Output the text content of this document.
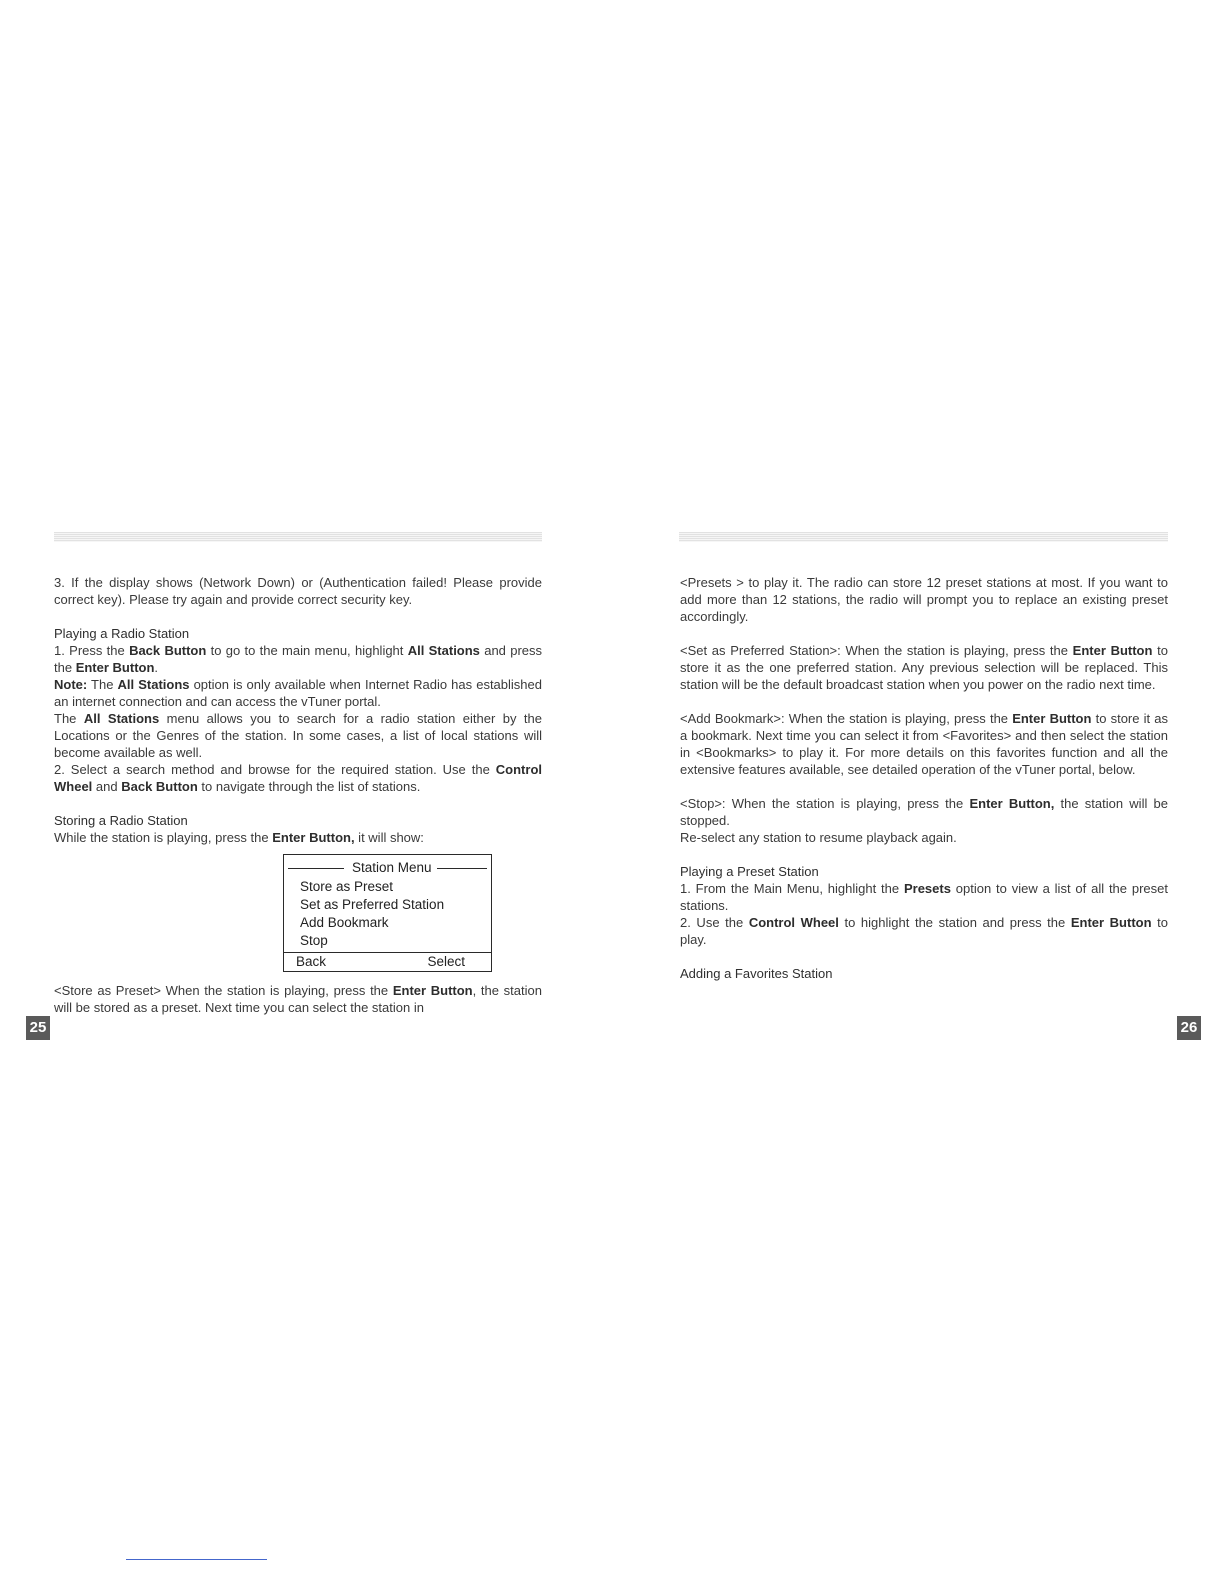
3. If the display shows (Network Down) or (Authentication failed! Please provide correct key). Please try again and provide correct security key.

Playing a Radio Station

1. Press the Back Button to go to the main menu, highlight All Stations and press the Enter Button.

Note: The All Stations option is only available when Internet Radio has established an internet connection and can access the vTuner portal.

The All Stations menu allows you to search for a radio station either by the Locations or the Genres of the station. In some cases, a list of local stations will become available as well.

2. Select a search method and browse for the required station. Use the Control Wheel and Back Button to navigate through the list of stations.

Storing a Radio Station

While the station is playing, press the Enter Button, it will show:

Station Menu
Store as Preset
Set as Preferred Station
Add Bookmark
Stop
Back	Select

<Store as Preset> When the station is playing, press the Enter Button, the station will be stored as a preset. Next time you can select the station in

<Presets > to play it. The radio can store 12 preset stations at most. If you want to add more than 12 stations, the radio will prompt you to replace an existing preset accordingly.

<Set as Preferred Station>: When the station is playing, press the Enter Button to store it as the one preferred station. Any previous selection will be replaced. This station will be the default broadcast station when you power on the radio next time.

<Add Bookmark>: When the station is playing, press the Enter Button to store it as a bookmark. Next time you can select it from <Favorites> and then select the station in <Bookmarks> to play it. For more details on this favorites function and all the extensive features available, see detailed operation of the vTuner portal, below.

<Stop>: When the station is playing, press the Enter Button, the station will be stopped.

Re-select any station to resume playback again.

Playing a Preset Station

1. From the Main Menu, highlight the Presets option to view a list of all the preset stations.

2. Use the Control Wheel to highlight the station and press the Enter Button to play.

Adding a Favorites Station

25	26
